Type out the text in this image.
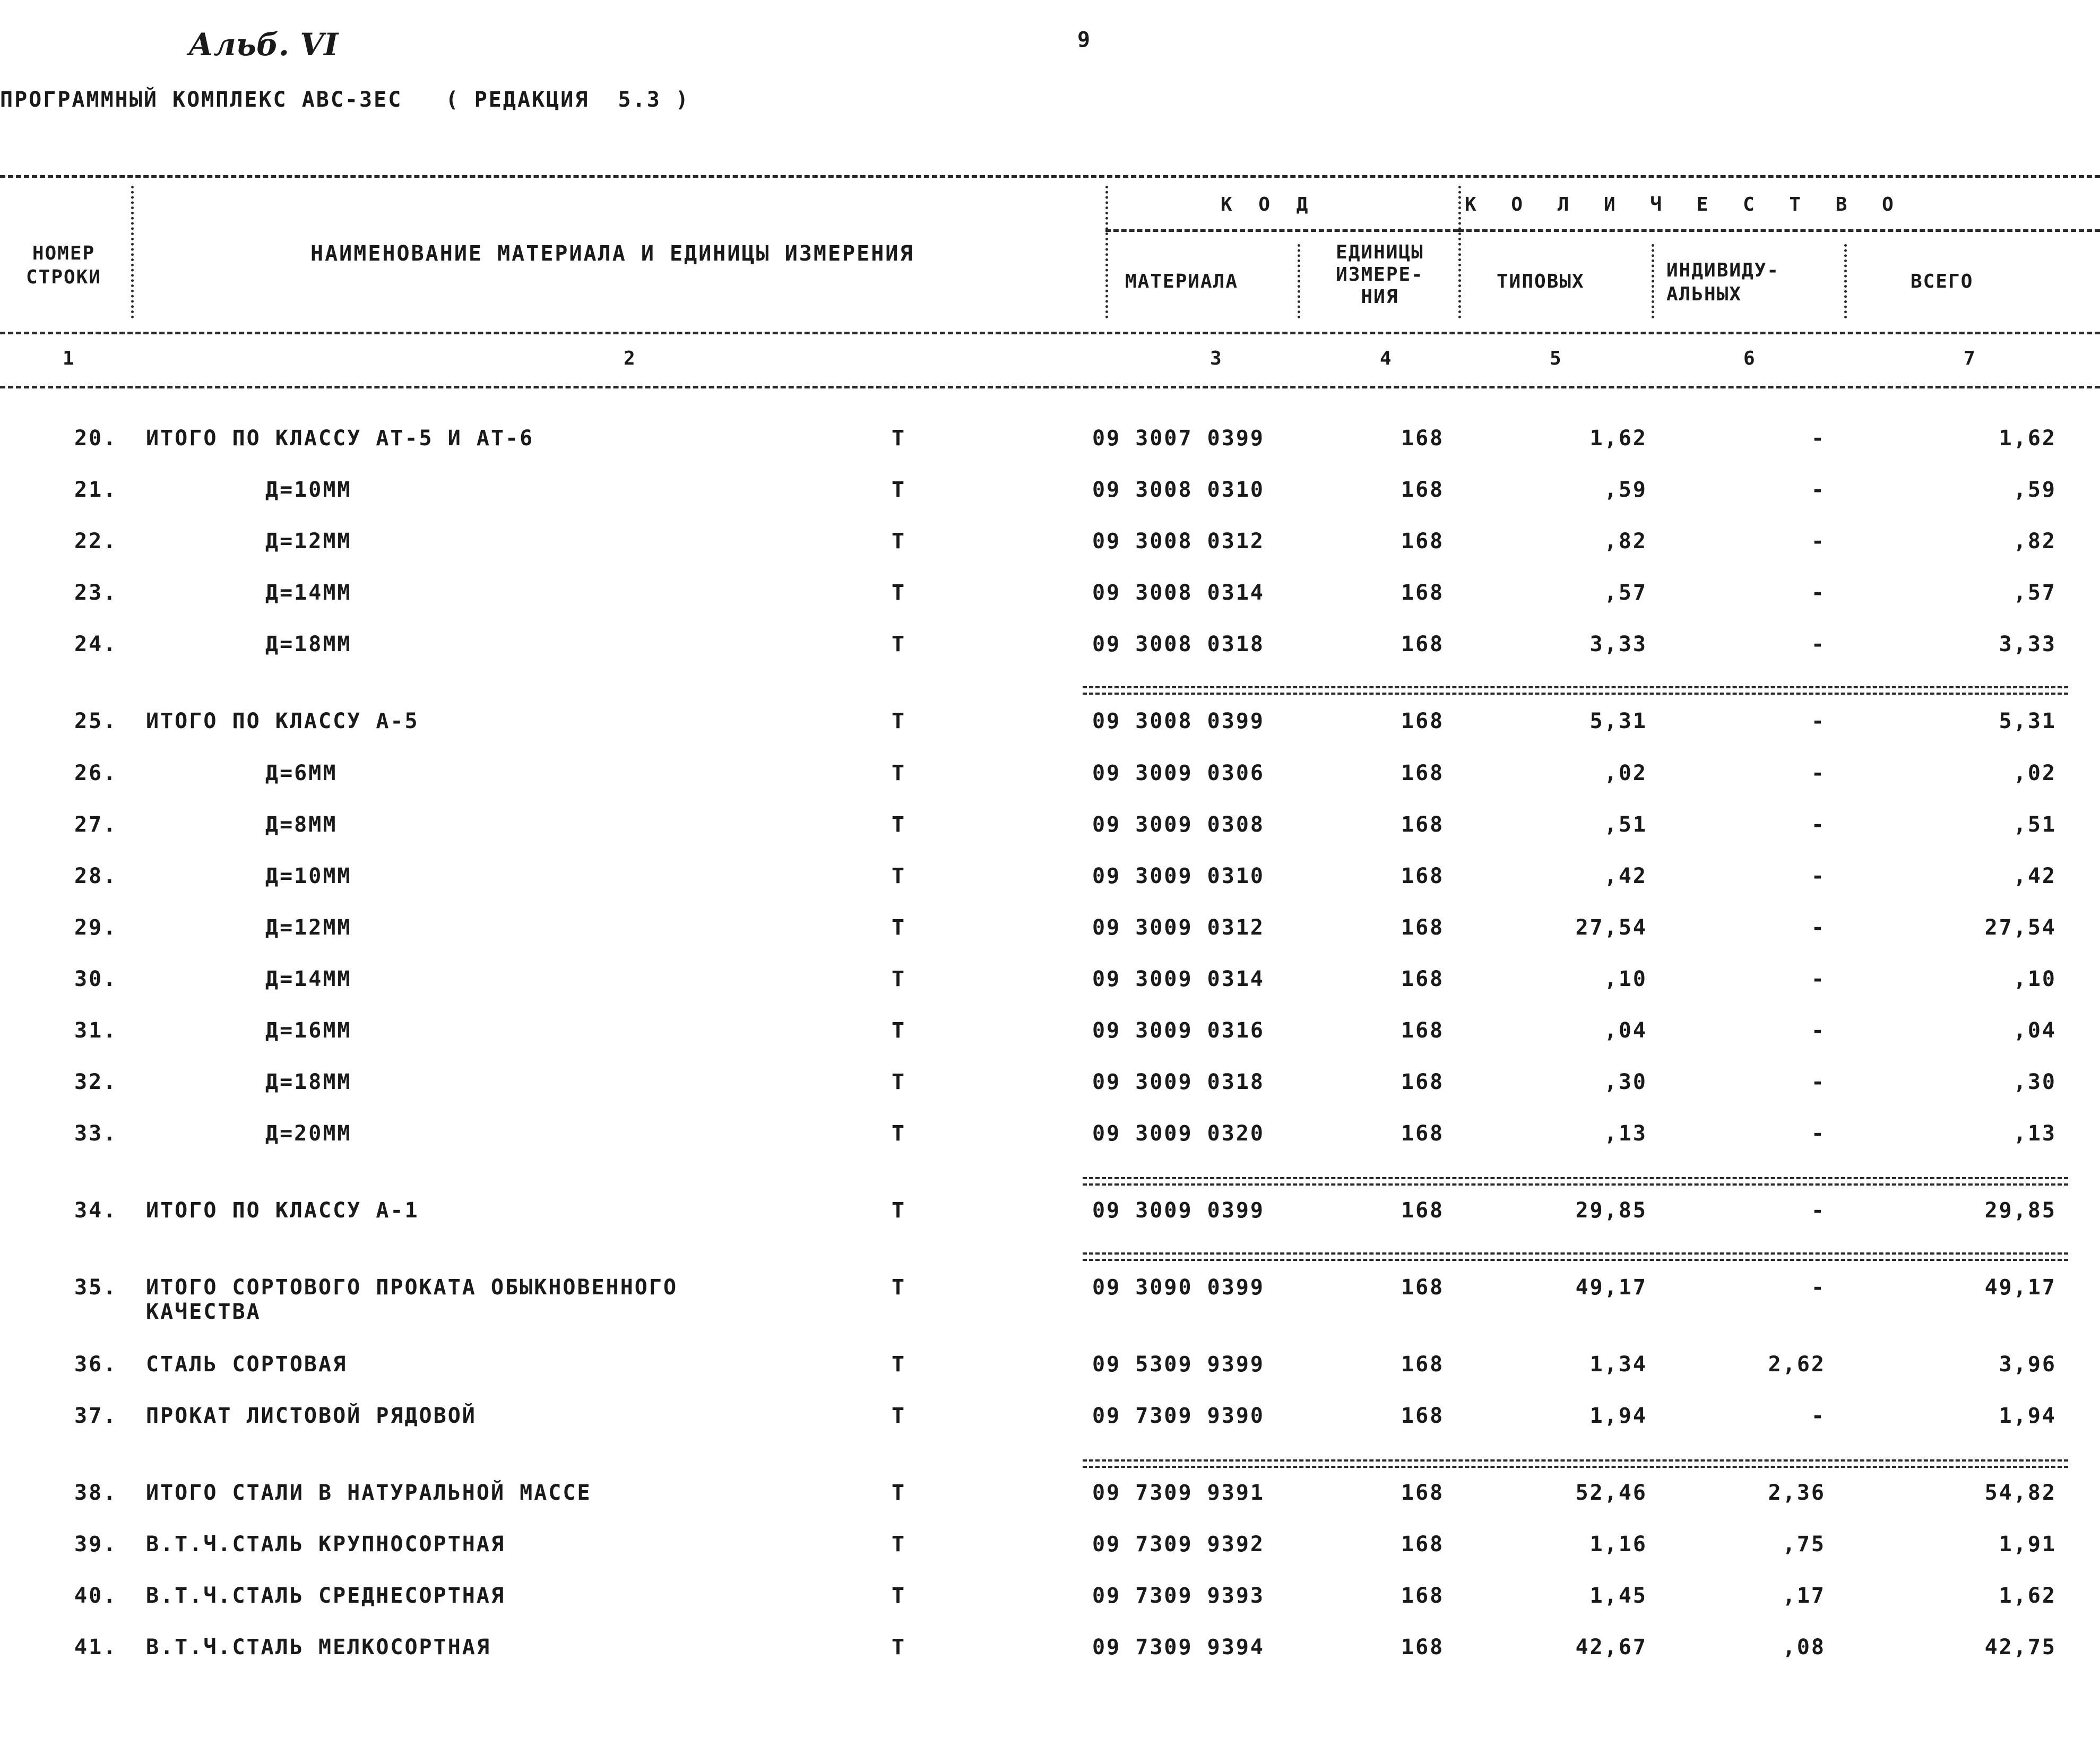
Альб. VI	9
ПРОГРАММНЫЙ КОМПЛЕКС АВС-ЗЕС   ( РЕДАКЦИЯ  5.3 )
НОМЕР
СТРОКИ
НАИМЕНОВАНИЕ МАТЕРИАЛА И ЕДИНИЦЫ ИЗМЕРЕНИЯ
К О Д	К О Л И Ч Е С Т В О
МАТЕРИАЛА
ЕДИНИЦЫ
ИЗМЕРЕ-
НИЯ
ТИПОВЫХ
ИНДИВИДУ-
АЛЬНЫХ
ВСЕГО
1	2	3	4	5	6	7
20. ИТОГО ПО КЛАССУ АТ-5 И АТ-6	Т	09 3007 0399	168	1,62	-	1,62
21.	Д=10ММ	Т	09 3008 0310	168	,59	-	,59
22.	Д=12ММ	Т	09 3008 0312	168	,82	-	,82
23.	Д=14ММ	Т	09 3008 0314	168	,57	-	,57
24.	Д=18ММ	Т	09 3008 0318	168	3,33	-	3,33
25. ИТОГО ПО КЛАССУ А-5	Т	09 3008 0399	168	5,31	-	5,31
26.	Д=6ММ	Т	09 3009 0306	168	,02	-	,02
27.	Д=8ММ	Т	09 3009 0308	168	,51	-	,51
28.	Д=10ММ	Т	09 3009 0310	168	,42	-	,42
29.	Д=12ММ	Т	09 3009 0312	168	27,54	-	27,54
30.	Д=14ММ	Т	09 3009 0314	168	,10	-	,10
31.	Д=16ММ	Т	09 3009 0316	168	,04	-	,04
32.	Д=18ММ	Т	09 3009 0318	168	,30	-	,30
33.	Д=20ММ	Т	09 3009 0320	168	,13	-	,13
34. ИТОГО ПО КЛАССУ А-1	Т	09 3009 0399	168	29,85	-	29,85
35. ИТОГО СОРТОВОГО ПРОКАТА ОБЫКНОВЕННОГО
КАЧЕСТВА
Т	09 3090 0399	168	49,17	-	49,17
36. СТАЛЬ СОРТОВАЯ	Т	09 5309 9399	168	1,34	2,62	3,96
37. ПРОКАТ ЛИСТОВОЙ РЯДОВОЙ	Т	09 7309 9390	168	1,94	-	1,94
38. ИТОГО СТАЛИ В НАТУРАЛЬНОЙ МАССЕ	Т	09 7309 9391	168	52,46	2,36	54,82
39. В.Т.Ч.СТАЛЬ КРУПНОСОРТНАЯ	Т	09 7309 9392	168	1,16	,75	1,91
40. В.Т.Ч.СТАЛЬ СРЕДНЕСОРТНАЯ	Т	09 7309 9393	168	1,45	,17	1,62
41. В.Т.Ч.СТАЛЬ МЕЛКОСОРТНАЯ	Т	09 7309 9394	168	42,67	,08	42,75
